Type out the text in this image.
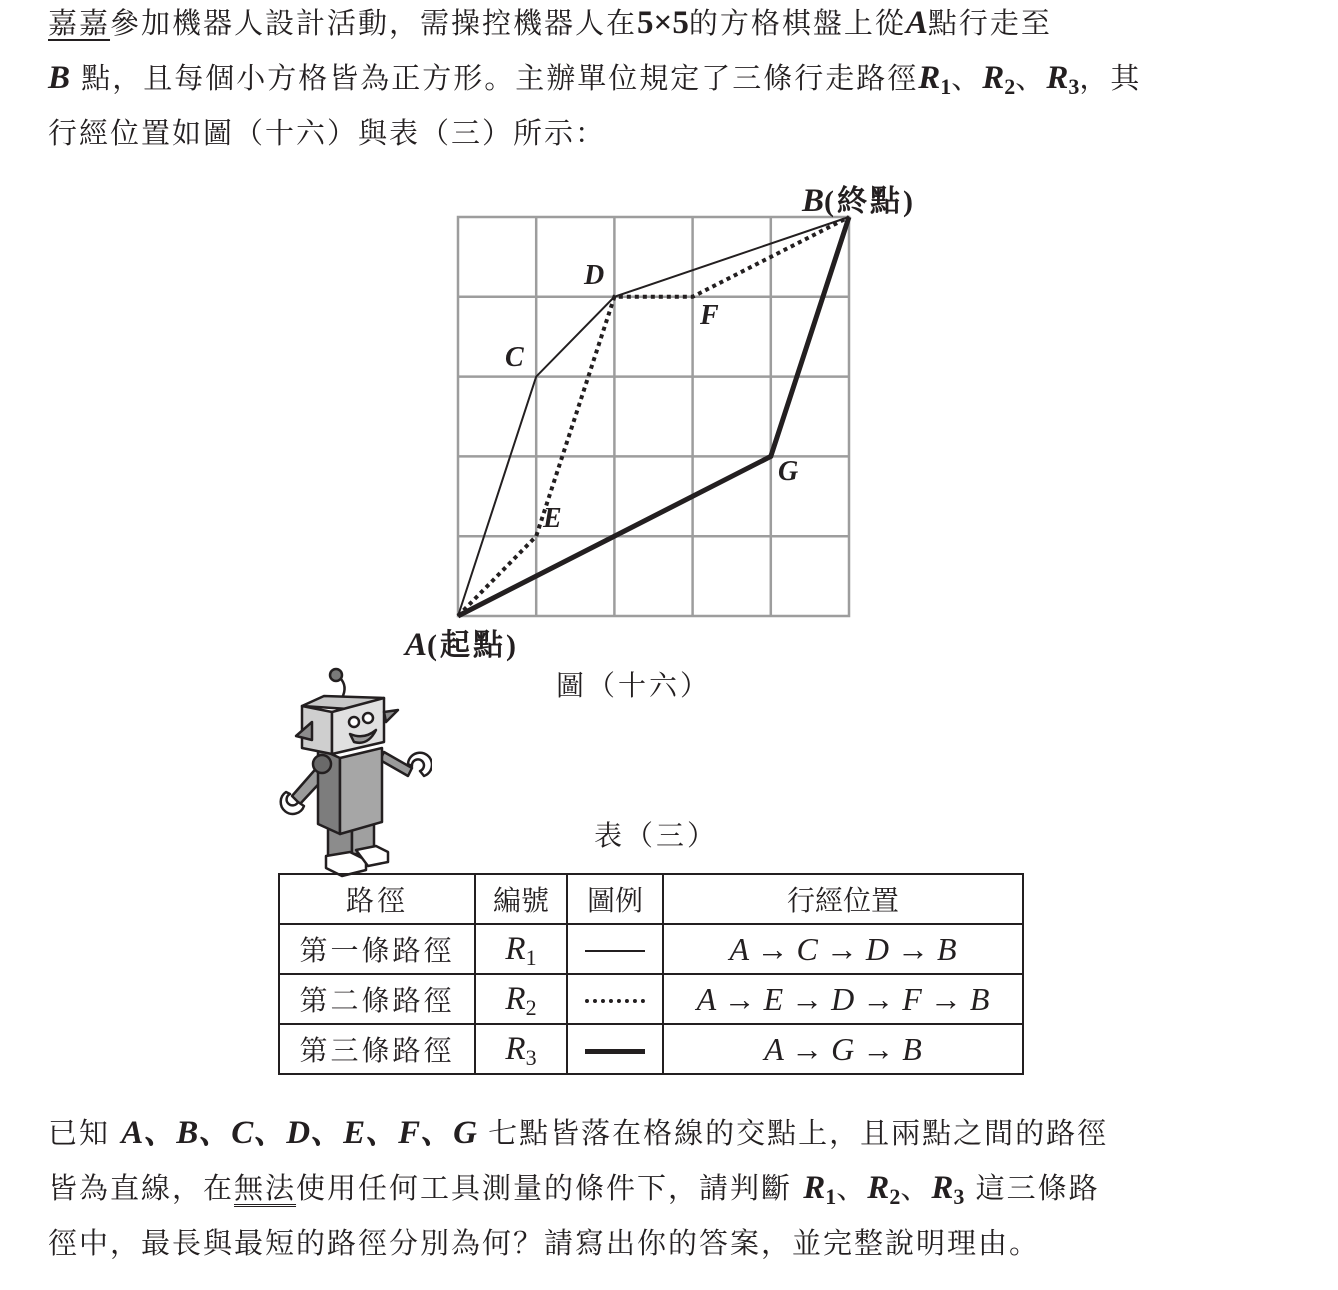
嘉嘉參加機器人設計活動，需操控機器人在5×5的方格棋盤上從A點行走至
B 點，且每個小方格皆為正方形。主辦單位規定了三條行走路徑$R_1$、$R_2$、$R_3$，其
行經位置如圖（十六）與表（三）所示：
B(終點)
A(起點)
D
C
F
G
E
圖（十六）
表（三）
路徑	編號	圖例	行經位置
第一條路徑	$R_1$		A → C → D → B
第二條路徑	$R_2$		A → E → D → F → B
第三條路徑	$R_3$		A → G → B
已知 A、B、C、D、E、F、G 七點皆落在格線的交點上，且兩點之間的路徑
皆為直線，在無法使用任何工具測量的條件下，請判斷 $R_1$、$R_2$、$R_3$ 這三條路
徑中，最長與最短的路徑分別為何？請寫出你的答案，並完整說明理由。
